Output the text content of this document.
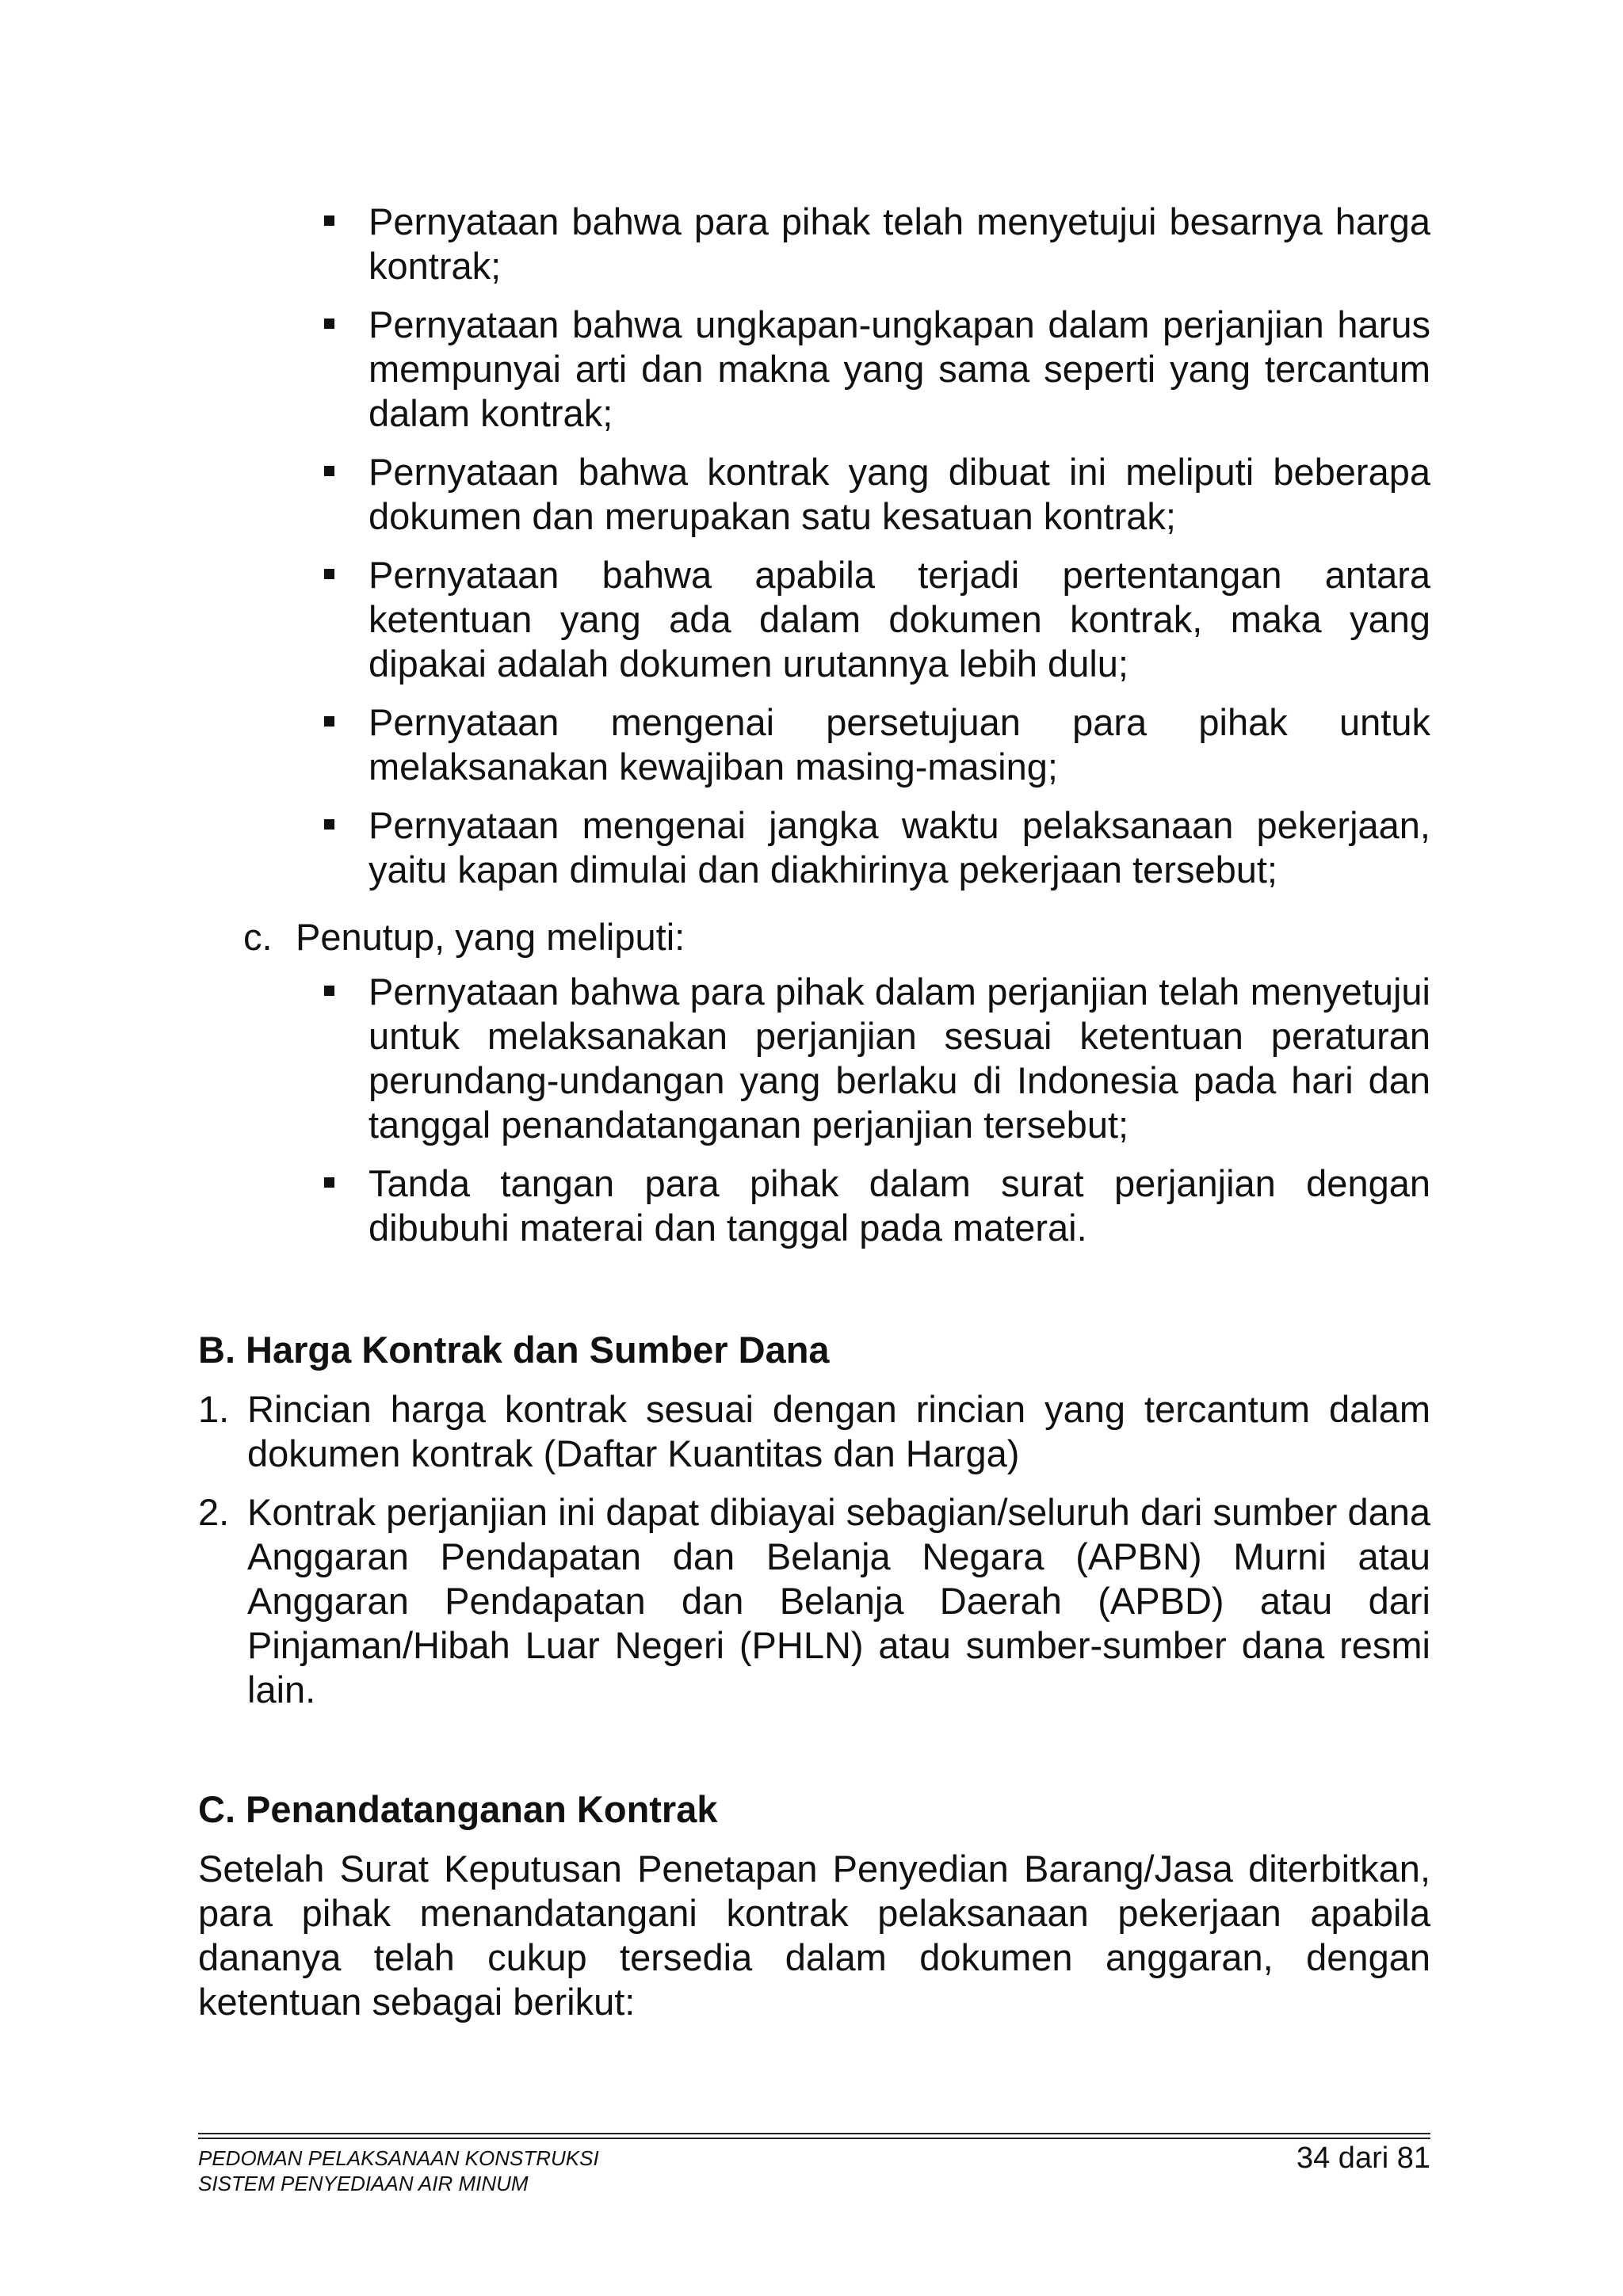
Pernyataan bahwa para pihak telah menyetujui besarnya harga kontrak;

Pernyataan bahwa ungkapan-ungkapan dalam perjanjian harus mempunyai arti dan makna yang sama seperti yang tercantum dalam kontrak;

Pernyataan bahwa kontrak yang dibuat ini meliputi beberapa dokumen dan merupakan satu kesatuan kontrak;

Pernyataan bahwa apabila terjadi pertentangan antara ketentuan yang ada dalam dokumen kontrak, maka yang dipakai adalah dokumen urutannya lebih dulu;

Pernyataan mengenai persetujuan para pihak untuk melaksanakan kewajiban masing-masing;

Pernyataan mengenai jangka waktu pelaksanaan pekerjaan, yaitu kapan dimulai dan diakhirinya pekerjaan tersebut;

c. Penutup, yang meliputi:

Pernyataan bahwa para pihak dalam perjanjian telah menyetujui untuk melaksanakan perjanjian sesuai ketentuan peraturan perundang-undangan yang berlaku di Indonesia pada hari dan tanggal penandatanganan perjanjian tersebut;

Tanda tangan para pihak dalam surat perjanjian dengan dibubuhi materai dan tanggal pada materai.

B. Harga Kontrak dan Sumber Dana
1. Rincian harga kontrak sesuai dengan rincian yang tercantum dalam dokumen kontrak (Daftar Kuantitas dan Harga)

2. Kontrak perjanjian ini dapat dibiayai sebagian/seluruh dari sumber dana Anggaran Pendapatan dan Belanja Negara (APBN) Murni atau Anggaran Pendapatan dan Belanja Daerah (APBD) atau dari Pinjaman/Hibah Luar Negeri (PHLN) atau sumber-sumber dana resmi lain.

C. Penandatanganan Kontrak

Setelah Surat Keputusan Penetapan Penyedian Barang/Jasa diterbitkan, para pihak menandatangani kontrak pelaksanaan pekerjaan apabila dananya telah cukup tersedia dalam dokumen anggaran, dengan ketentuan sebagai berikut:

PEDOMAN PELAKSANAAN KONSTRUKSI
SISTEM PENYEDIAAN AIR MINUM
34 dari 81
